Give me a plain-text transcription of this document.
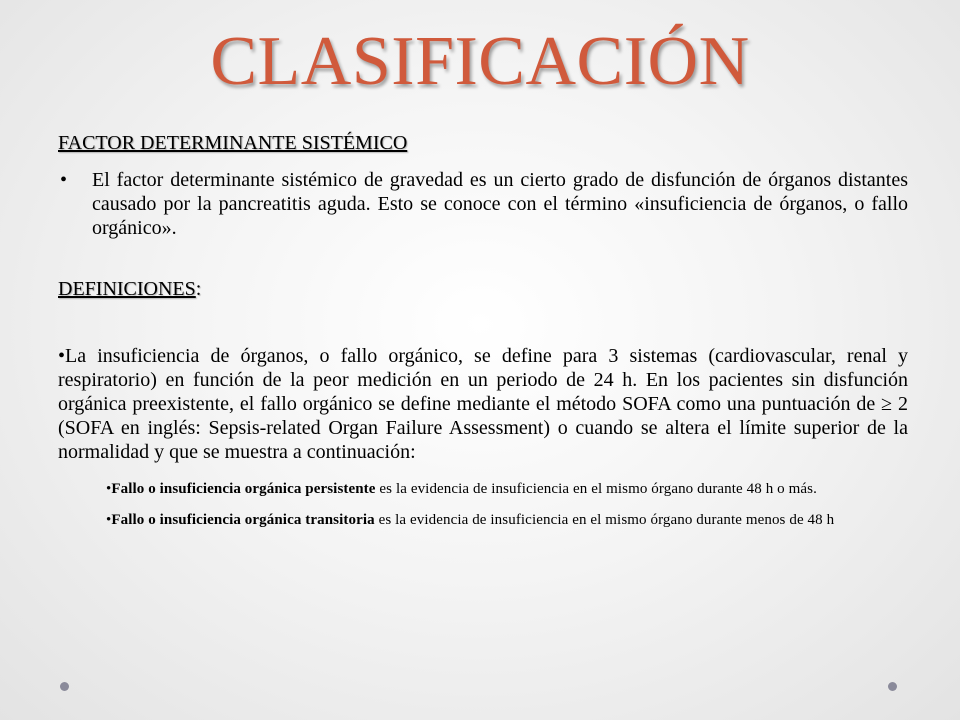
CLASIFICACIÓN

FACTOR DETERMINANTE SISTÉMICO

• El factor determinante sistémico de gravedad es un cierto grado de disfunción de órganos distantes causado por la pancreatitis aguda. Esto se conoce con el término «insuficiencia de órganos, o fallo orgánico».

DEFINICIONES:

•La insuficiencia de órganos, o fallo orgánico, se define para 3 sistemas (cardiovascular, renal y respiratorio) en función de la peor medición en un periodo de 24 h. En los pacientes sin disfunción orgánica preexistente, el fallo orgánico se define mediante el método SOFA como una puntuación de ≥ 2 (SOFA en inglés: Sepsis-related Organ Failure Assessment) o cuando se altera el límite superior de la normalidad y que se muestra a continuación:

•Fallo o insuficiencia orgánica persistente es la evidencia de insuficiencia en el mismo órgano durante 48 h o más.

•Fallo o insuficiencia orgánica transitoria es la evidencia de insuficiencia en el mismo órgano durante menos de 48 h
